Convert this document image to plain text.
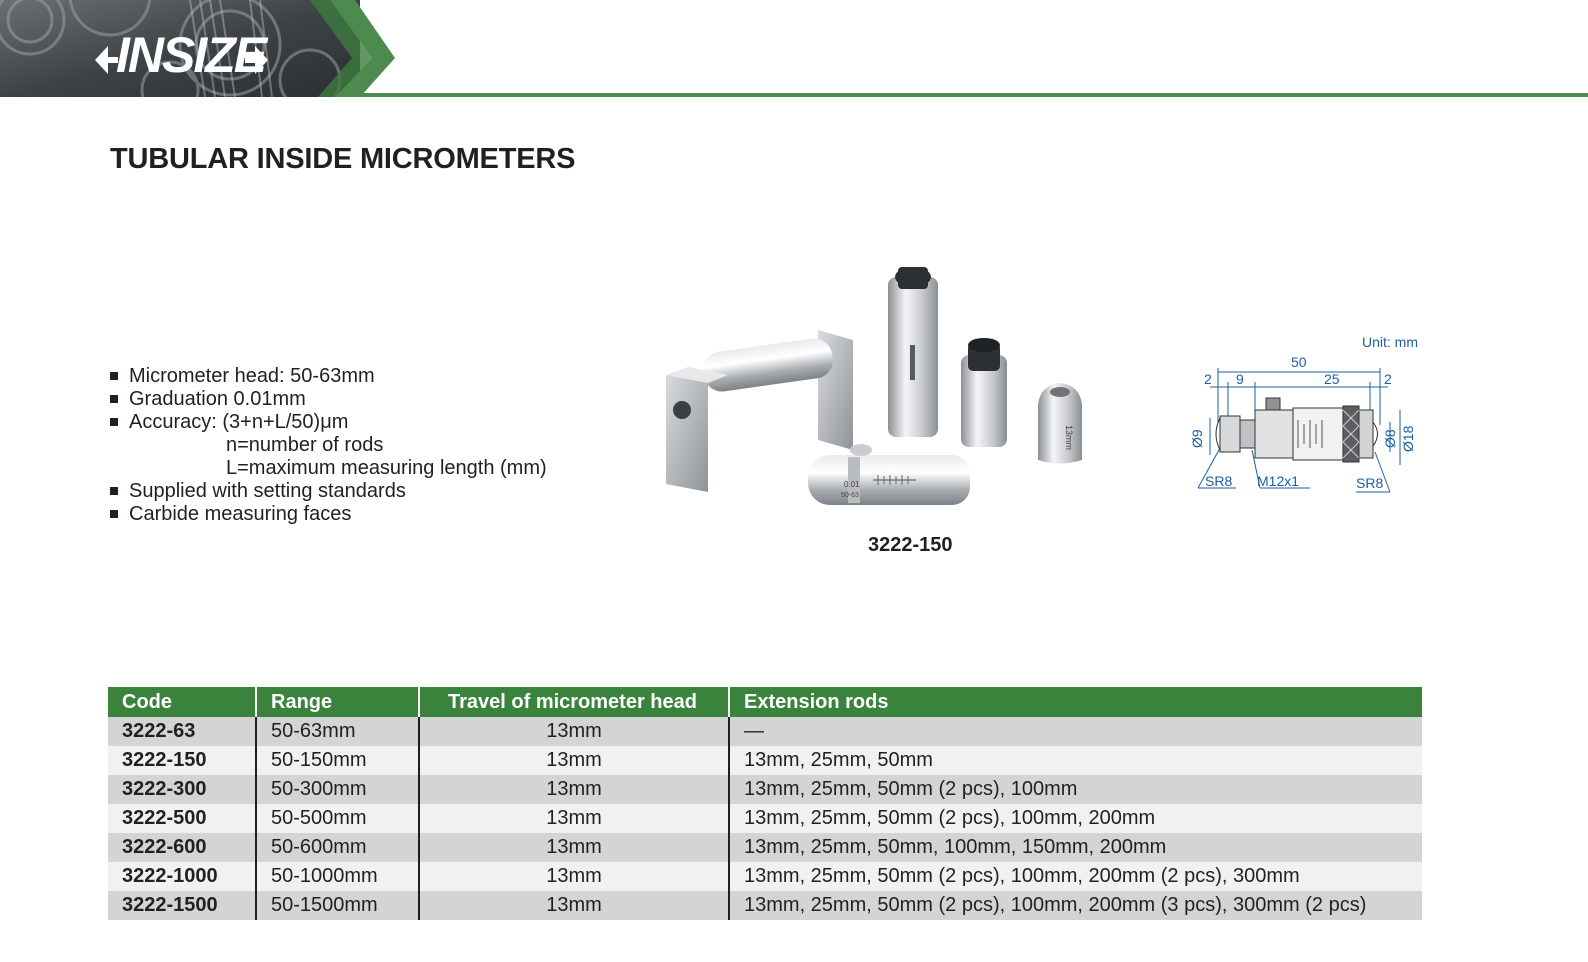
INSIZE
TUBULAR INSIDE MICROMETERS
Micrometer head: 50-63mm
Graduation 0.01mm
Accuracy: (3+n+L/50)μm
n=number of rods
L=maximum measuring length (mm)
Supplied with setting standards
Carbide measuring faces
13mm
0.01
50-63
3222-150
Unit: mm
50
2 9	25	2
Ø9	Ø8 Ø18
SR8 M12x1	SR8
Code	Range	Travel of micrometer head	Extension rods
3222-63	50-63mm	13mm	—
3222-150	50-150mm	13mm	13mm, 25mm, 50mm
3222-300	50-300mm	13mm	13mm, 25mm, 50mm (2 pcs), 100mm
3222-500	50-500mm	13mm	13mm, 25mm, 50mm (2 pcs), 100mm, 200mm
3222-600	50-600mm	13mm	13mm, 25mm, 50mm, 100mm, 150mm, 200mm
3222-1000	50-1000mm	13mm	13mm, 25mm, 50mm (2 pcs), 100mm, 200mm (2 pcs), 300mm
3222-1500	50-1500mm	13mm	13mm, 25mm, 50mm (2 pcs), 100mm, 200mm (3 pcs), 300mm (2 pcs)
